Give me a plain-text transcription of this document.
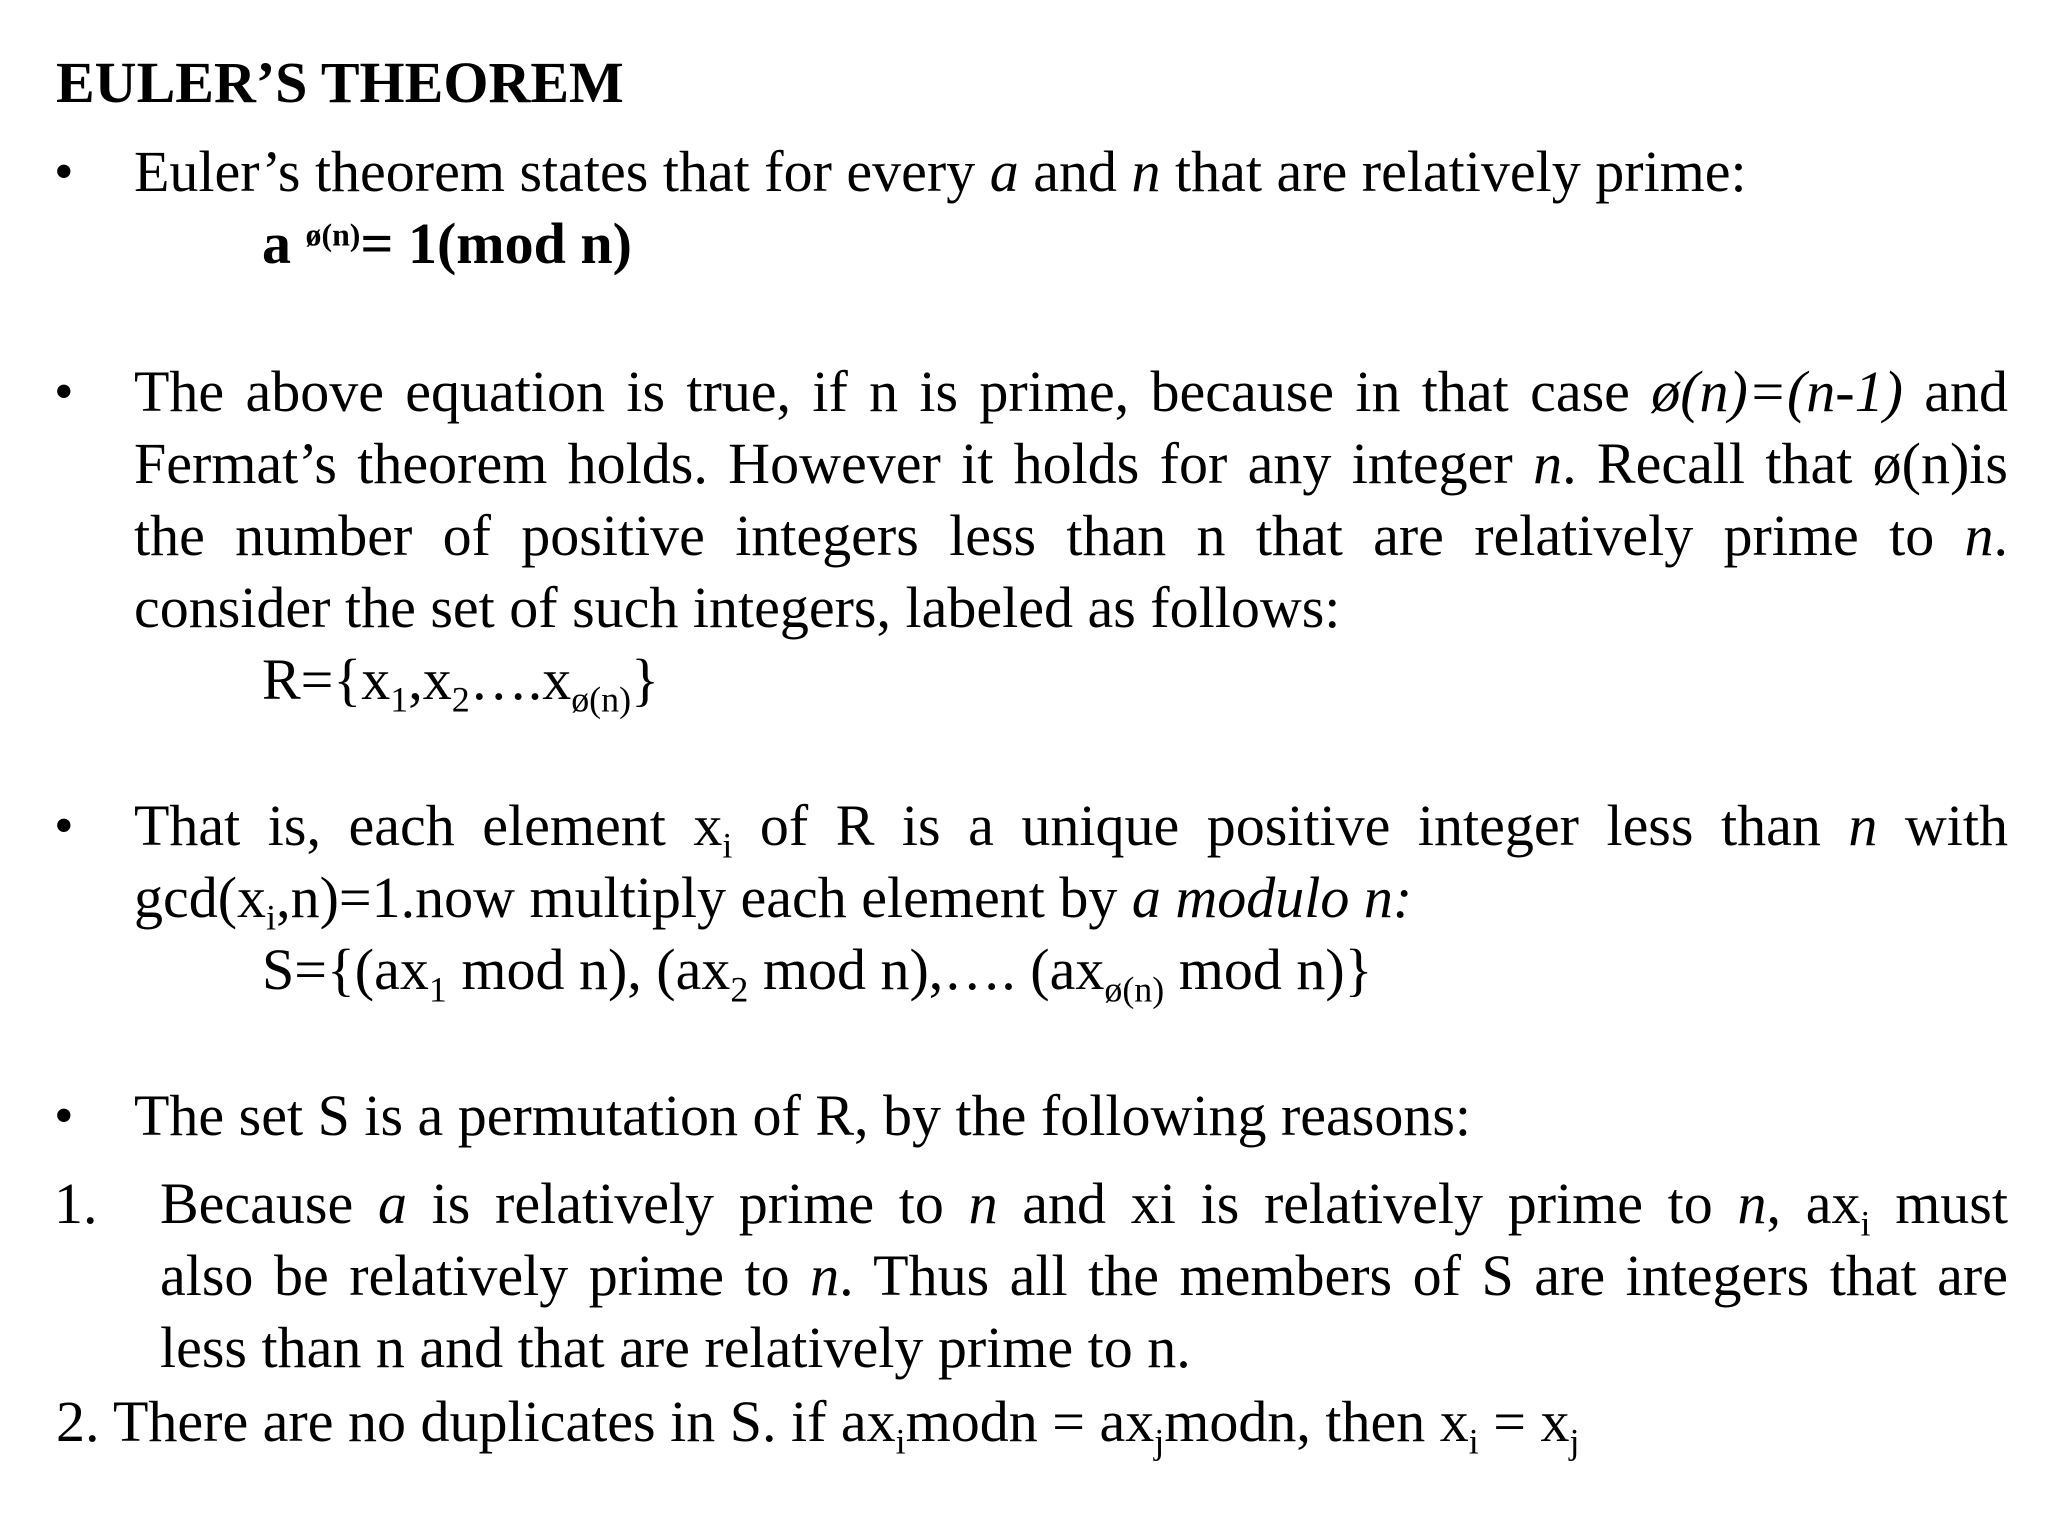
EULER’S THEOREM
• Euler’s theorem states that for every a and n that are relatively prime:
a $^{ø(n)}$= 1(mod n)
• The above equation is true, if n is prime, because in that case ø(n)=(n-1) and
Fermat’s theorem holds. However it holds for any integer n. Recall that ø(n)is
the number of positive integers less than n that are relatively prime to n.
consider the set of such integers, labeled as follows:
$R=\{x_1,x_2\dots.x_{ø(n)}\}$
• That is, each element $x_i$ of R is a unique positive integer less than n with
$\gcd(x_i,n)=1.now$ multiply each element by a modulo n:
$S=\{(ax_1$ mod n), ($ax_2$ mod n),…. ($ax_{ø(n)}$ mod n)}
• The set S is a permutation of R, by the following reasons:
1. Because a is relatively prime to n and xi is relatively prime to n, $ax_i$ must
also be relatively prime to n. Thus all the members of S are integers that are
less than n and that are relatively prime to n.
2. There are no duplicates in S. if $ax_imodn$ = $ax_jmodn$, then $x_i = x_j$
